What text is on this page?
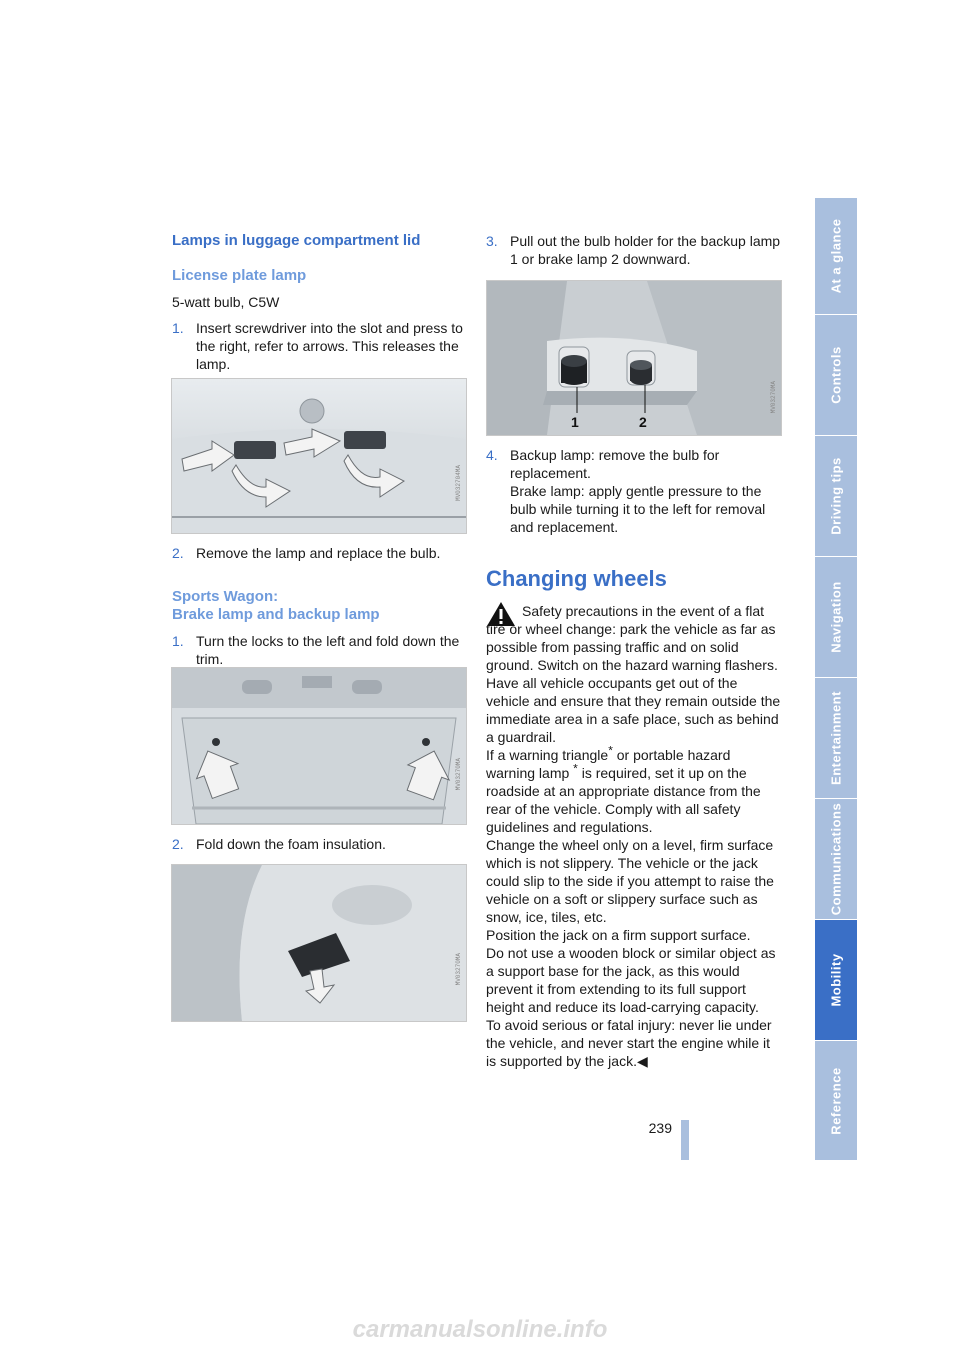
Lamps in luggage compartment lid
License plate lamp

5-watt bulb, C5W

1. Insert screwdriver into the slot and press to the right, refer to arrows. This releases the lamp.
MV032704MA
2. Remove the lamp and replace the bulb.
Sports Wagon:
Brake lamp and backup lamp
1. Turn the locks to the left and fold down the trim.
MV03270MA
2. Fold down the foam insulation.
MV03270MA
3. Pull out the bulb holder for the backup lamp 1 or brake lamp 2 downward.
1	2
MV03270MA
4. Backup lamp: remove the bulb for replacement.
Brake lamp: apply gentle pressure to the bulb while turning it to the left for removal and replacement.
Changing wheels

Safety precautions in the event of a flat tire or wheel change: park the vehicle as far as possible from passing traffic and on solid ground. Switch on the hazard warning flashers. Have all vehicle occupants get out of the vehicle and ensure that they remain outside the immediate area in a safe place, such as behind a guardrail.

If a warning triangle* or portable hazard warning lamp * is required, set it up on the roadside at an appropriate distance from the rear of the vehicle. Comply with all safety guidelines and regulations.

Change the wheel only on a level, firm surface which is not slippery. The vehicle or the jack could slip to the side if you attempt to raise the vehicle on a soft or slippery surface such as snow, ice, tiles, etc.

Position the jack on a firm support surface.

Do not use a wooden block or similar object as a support base for the jack, as this would prevent it from extending to its full support height and reduce its load-carrying capacity.

To avoid serious or fatal injury: never lie under the vehicle, and never start the engine while it is supported by the jack.◀

At a glance
Controls
Driving tips
Navigation
Entertainment
Communications
Mobility
Reference
239
carmanualsonline.info
